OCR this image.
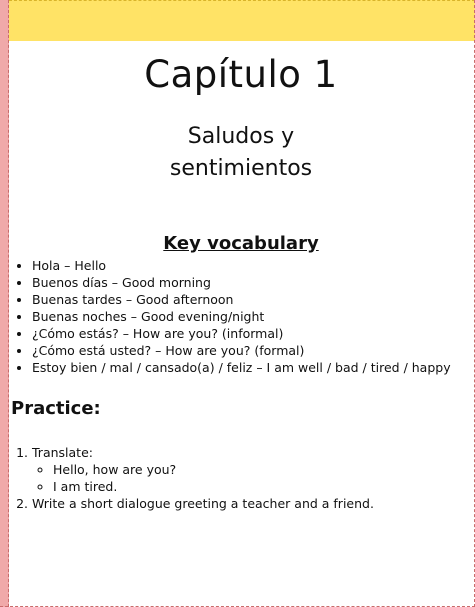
Capítulo 1
Saludos y
sentimientos
Key vocabulary
• Hola – Hello
• Buenos días – Good morning
• Buenas tardes – Good afternoon
• Buenas noches – Good evening/night
• ¿Cómo estás? – How are you? (informal)
• ¿Cómo está usted? – How are you? (formal)
• Estoy bien / mal / cansado(a) / feliz – I am well / bad / tired / happy
Practice:
1. Translate:
◦ Hello, how are you?
◦ I am tired.
2. Write a short dialogue greeting a teacher and a friend.
